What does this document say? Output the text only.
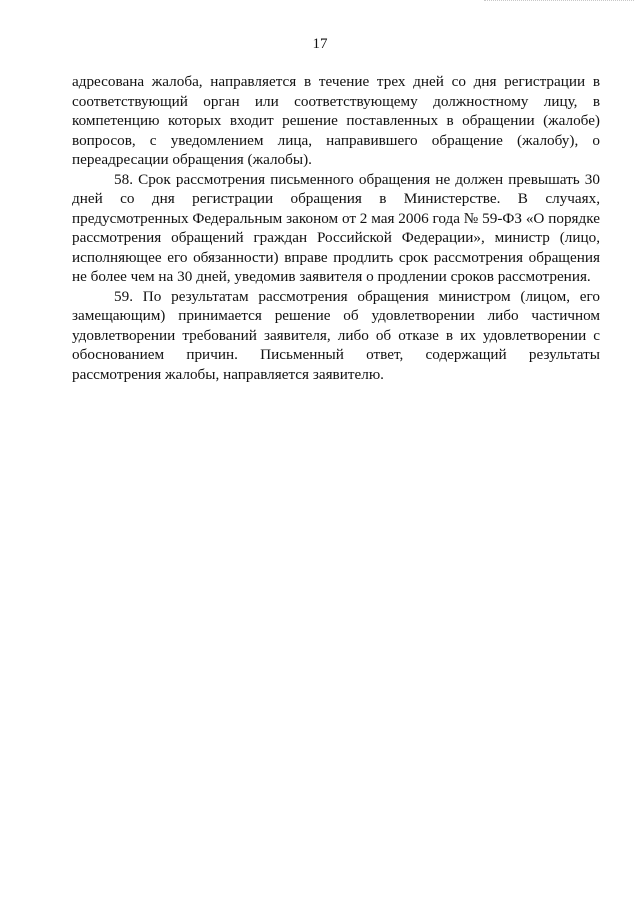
17

адресована жалоба, направляется в течение трех дней со дня регистрации в соответствующий орган или соответствующему должностному лицу, в компетенцию которых входит решение поставленных в обращении (жалобе) вопросов, с уведомлением лица, направившего обращение (жалобу), о переадресации обращения (жалобы).

58. Срок рассмотрения письменного обращения не должен превышать 30 дней со дня регистрации обращения в Министерстве. В случаях, предусмотренных Федеральным законом от 2 мая 2006 года № 59-ФЗ «О порядке рассмотрения обращений граждан Российской Федерации», министр (лицо, исполняющее его обязанности) вправе продлить срок рассмотрения обращения не более чем на 30 дней, уведомив заявителя о продлении сроков рассмотрения.

59. По результатам рассмотрения обращения министром (лицом, его замещающим) принимается решение об удовлетворении либо частичном удовлетворении требований заявителя, либо об отказе в их удовлетворении с обоснованием причин. Письменный ответ, содержащий результаты рассмотрения жалобы, направляется заявителю.
